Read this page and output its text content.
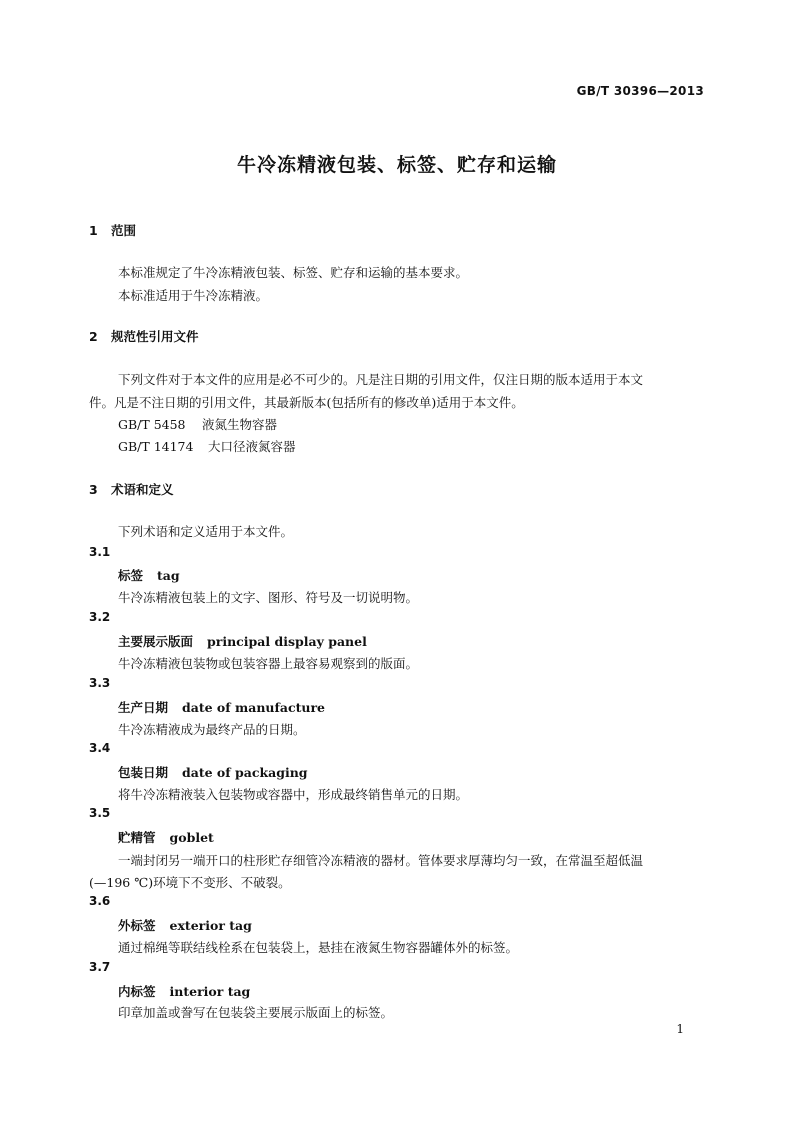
GB/T 30396—2013
牛冷冻精液包装、标签、贮存和运输
1 范围
本标准规定了牛冷冻精液包装、标签、贮存和运输的基本要求。
本标准适用于牛冷冻精液。
2 规范性引用文件
下列文件对于本文件的应用是必不可少的。凡是注日期的引用文件，仅注日期的版本适用于本文
件。凡是不注日期的引用文件，其最新版本(包括所有的修改单)适用于本文件。
GB/T 5458 液氮生物容器
GB/T 14174 大口径液氮容器
3 术语和定义
下列术语和定义适用于本文件。
3.1
标签 tag
牛冷冻精液包装上的文字、图形、符号及一切说明物。
3.2
主要展示版面 principal display panel
牛冷冻精液包装物或包装容器上最容易观察到的版面。
3.3
生产日期 date of manufacture
牛冷冻精液成为最终产品的日期。
3.4
包装日期 date of packaging
将牛冷冻精液装入包装物或容器中，形成最终销售单元的日期。
3.5
贮精管 goblet
一端封闭另一端开口的柱形贮存细管冷冻精液的器材。管体要求厚薄均匀一致，在常温至超低温
(—196 ℃)环境下不变形、不破裂。
3.6
外标签 exterior tag
通过棉绳等联结线栓系在包装袋上，悬挂在液氮生物容器罐体外的标签。
3.7
内标签 interior tag
印章加盖或誊写在包装袋主要展示版面上的标签。
1
